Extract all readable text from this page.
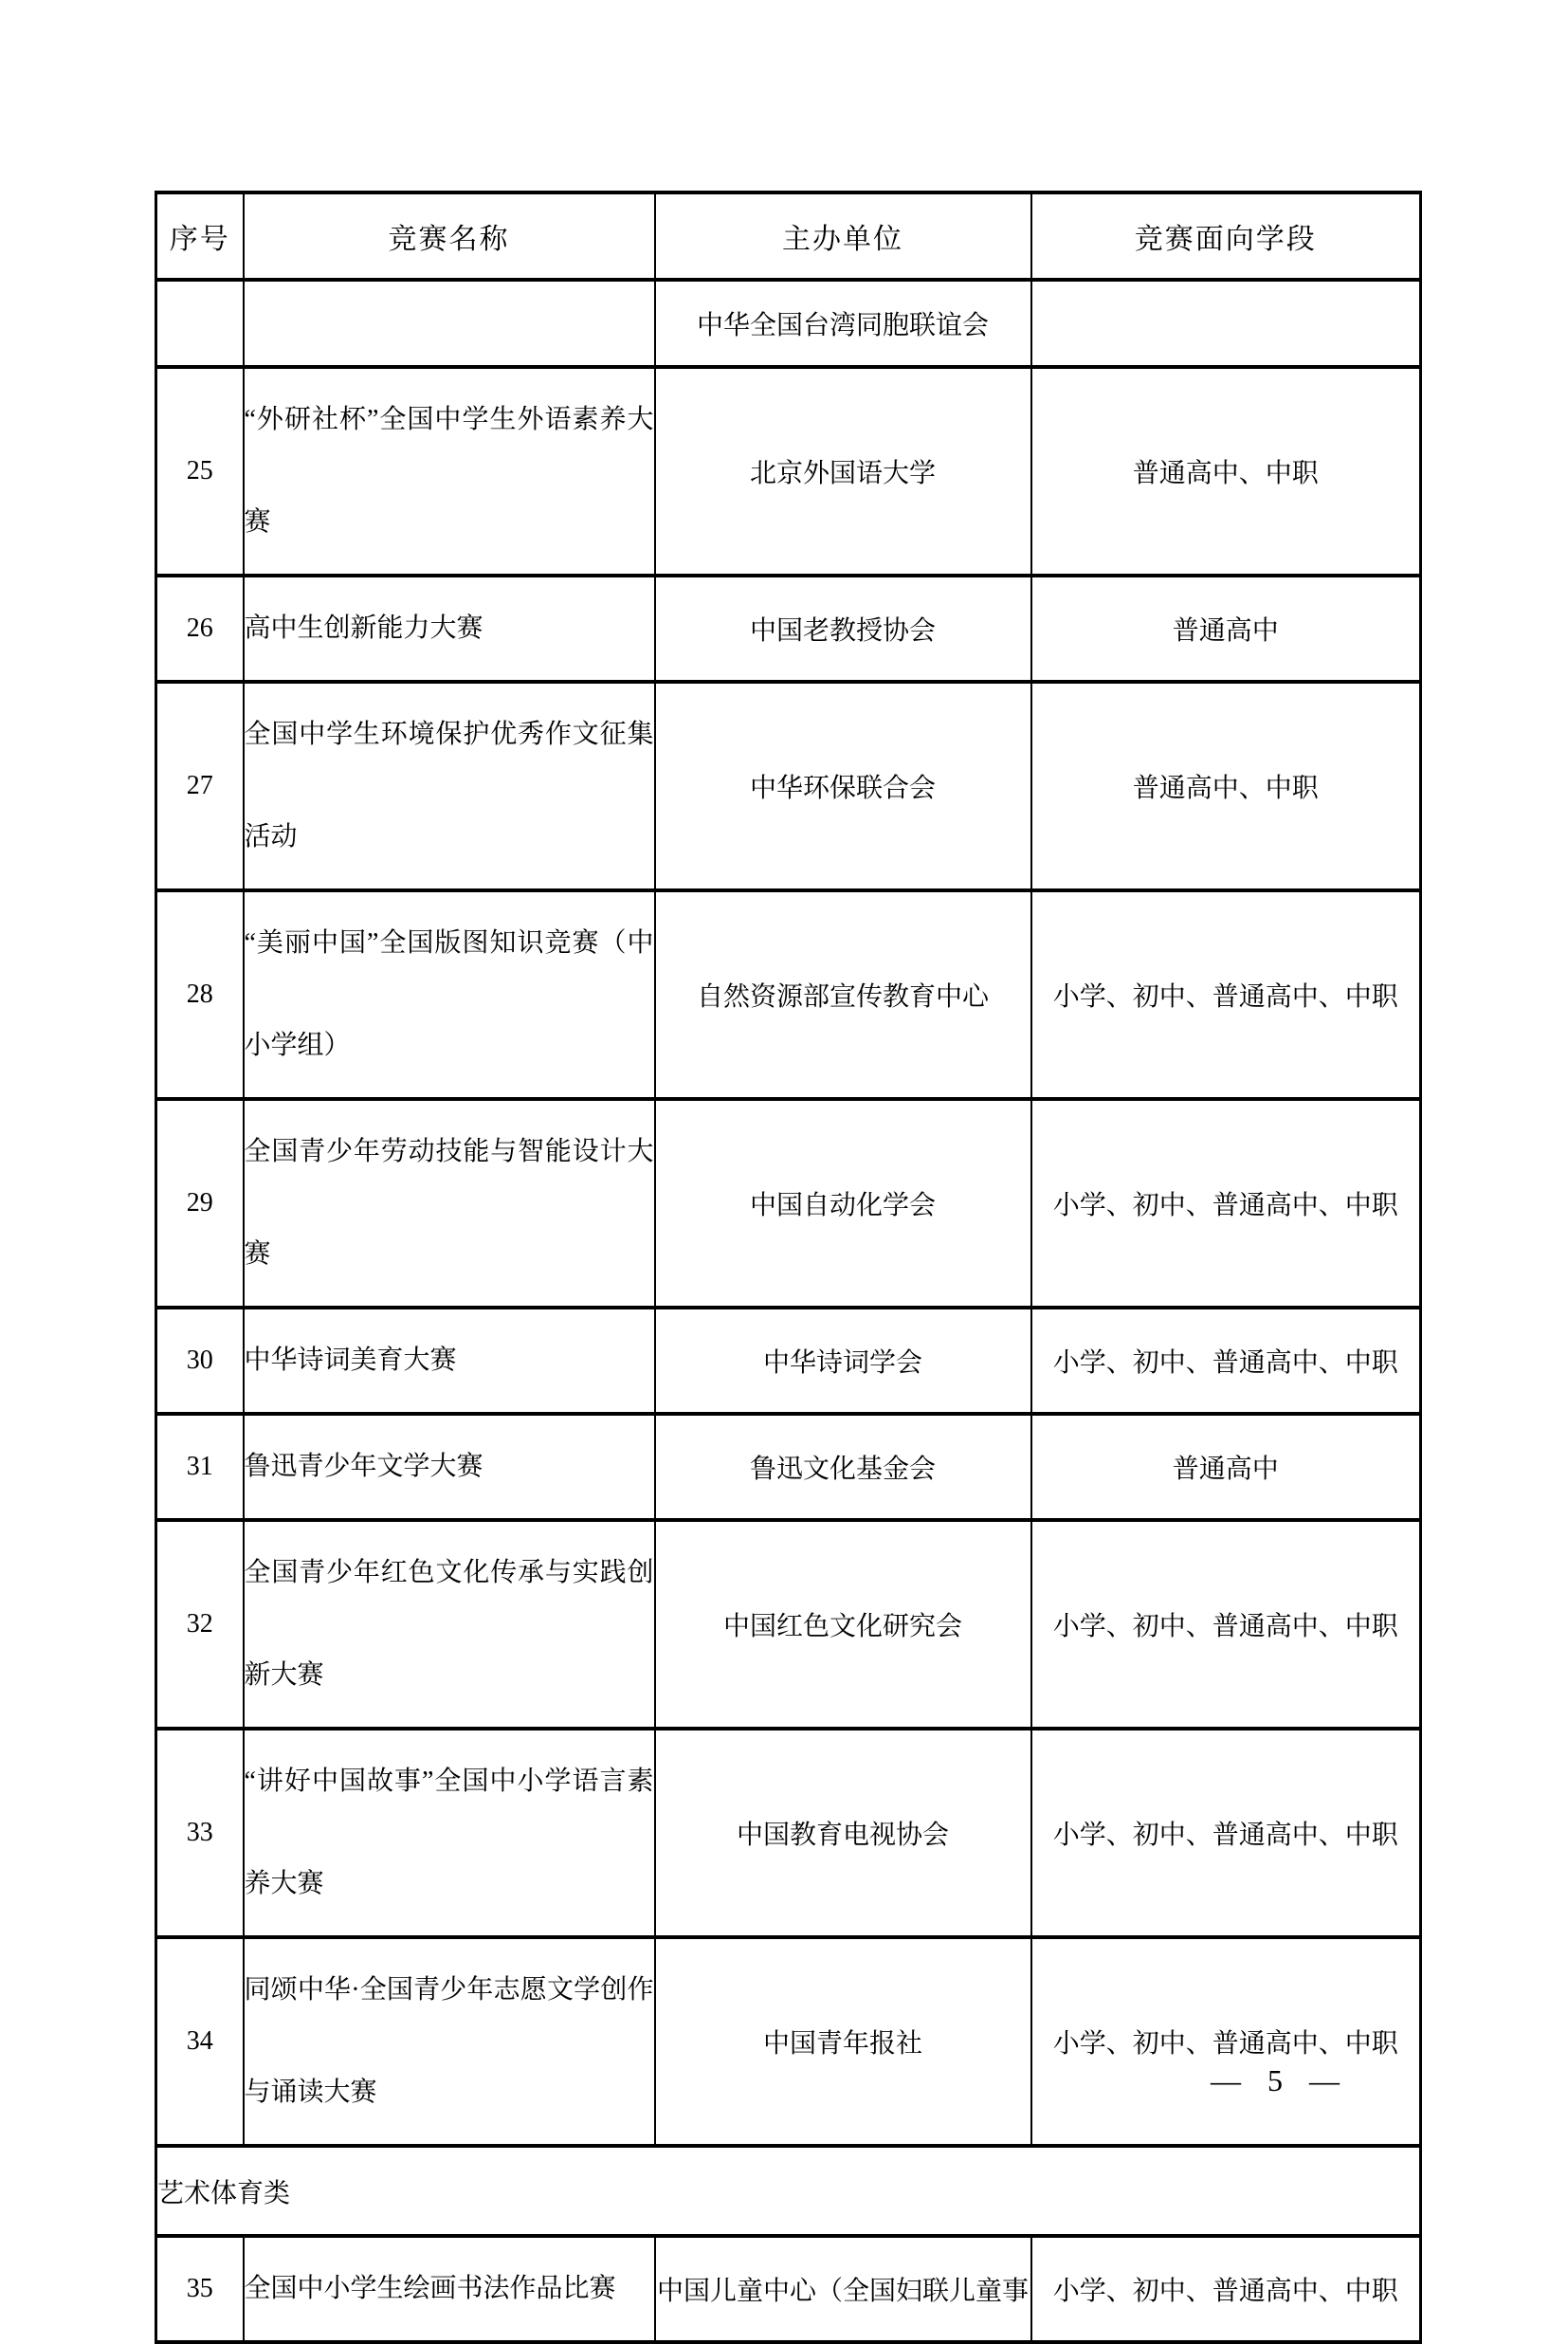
序号	竞赛名称	主办单位	竞赛面向学段
		中华全国台湾同胞联谊会	
25	“外研社杯”全国中学生外语素养大赛	北京外国语大学	普通高中、中职
26	高中生创新能力大赛	中国老教授协会	普通高中
27	全国中学生环境保护优秀作文征集活动	中华环保联合会	普通高中、中职
28	“美丽中国”全国版图知识竞赛（中小学组）	自然资源部宣传教育中心	小学、初中、普通高中、中职
29	全国青少年劳动技能与智能设计大赛	中国自动化学会	小学、初中、普通高中、中职
30	中华诗词美育大赛	中华诗词学会	小学、初中、普通高中、中职
31	鲁迅青少年文学大赛	鲁迅文化基金会	普通高中
32	全国青少年红色文化传承与实践创新大赛	中国红色文化研究会	小学、初中、普通高中、中职
33	“讲好中国故事”全国中小学语言素养大赛	中国教育电视协会	小学、初中、普通高中、中职
34	同颂中华·全国青少年志愿文学创作与诵读大赛	中国青年报社	小学、初中、普通高中、中职
艺术体育类			
35	全国中小学生绘画书法作品比赛	中国儿童中心（全国妇联儿童事	小学、初中、普通高中、中职
— 5 —
